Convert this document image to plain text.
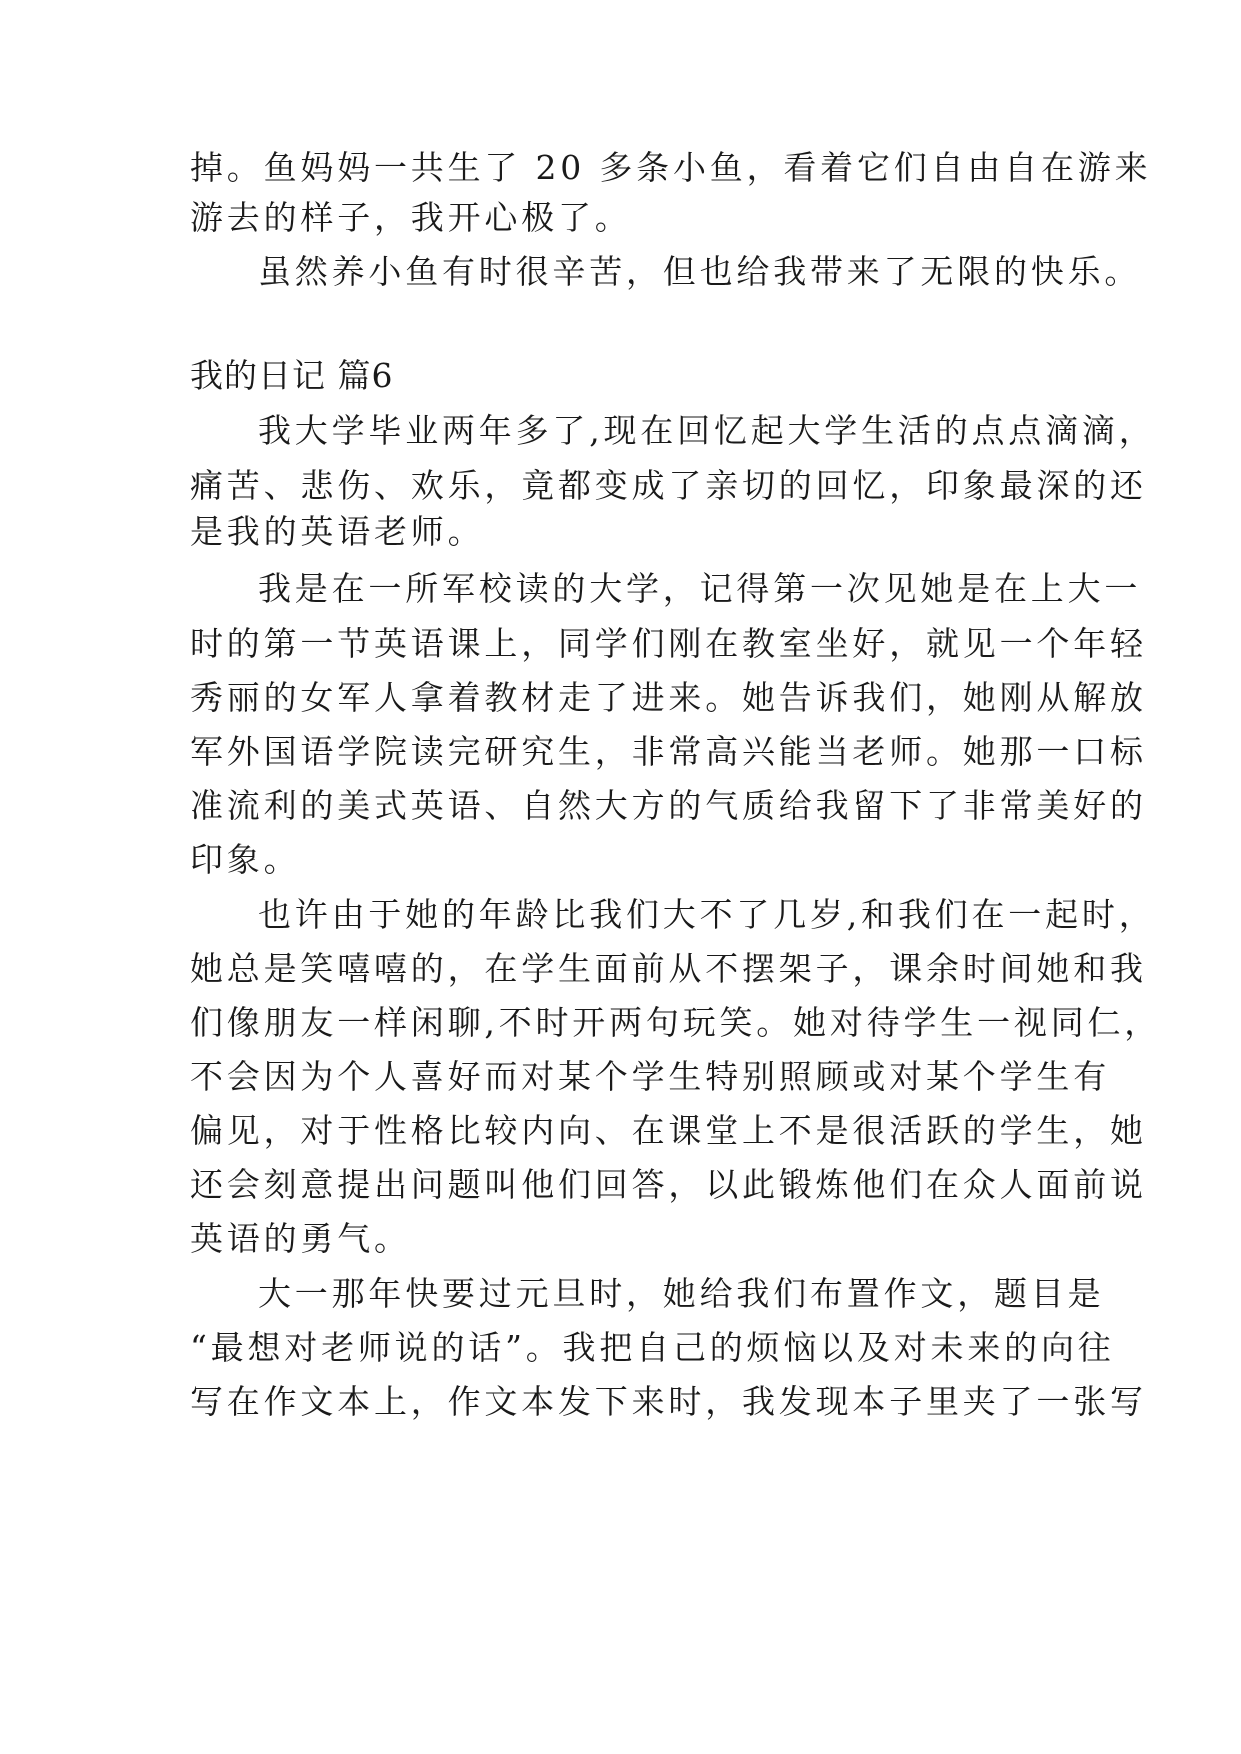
掉。鱼妈妈一共生了 20 多条小鱼，看着它们自由自在游来

游去的样子，我开心极了。

虽然养小鱼有时很辛苦，但也给我带来了无限的快乐。

我的日记 篇6

我大学毕业两年多了,现在回忆起大学生活的点点滴滴，

痛苦、悲伤、欢乐，竟都变成了亲切的回忆，印象最深的还

是我的英语老师。

我是在一所军校读的大学，记得第一次见她是在上大一

时的第一节英语课上，同学们刚在教室坐好，就见一个年轻

秀丽的女军人拿着教材走了进来。她告诉我们，她刚从解放

军外国语学院读完研究生，非常高兴能当老师。她那一口标

准流利的美式英语、自然大方的气质给我留下了非常美好的

印象。

也许由于她的年龄比我们大不了几岁,和我们在一起时，

她总是笑嘻嘻的，在学生面前从不摆架子，课余时间她和我

们像朋友一样闲聊,不时开两句玩笑。她对待学生一视同仁，

不会因为个人喜好而对某个学生特别照顾或对某个学生有

偏见，对于性格比较内向、在课堂上不是很活跃的学生，她

还会刻意提出问题叫他们回答，以此锻炼他们在众人面前说

英语的勇气。

大一那年快要过元旦时，她给我们布置作文，题目是

“最想对老师说的话”。我把自己的烦恼以及对未来的向往

写在作文本上，作文本发下来时，我发现本子里夹了一张写
